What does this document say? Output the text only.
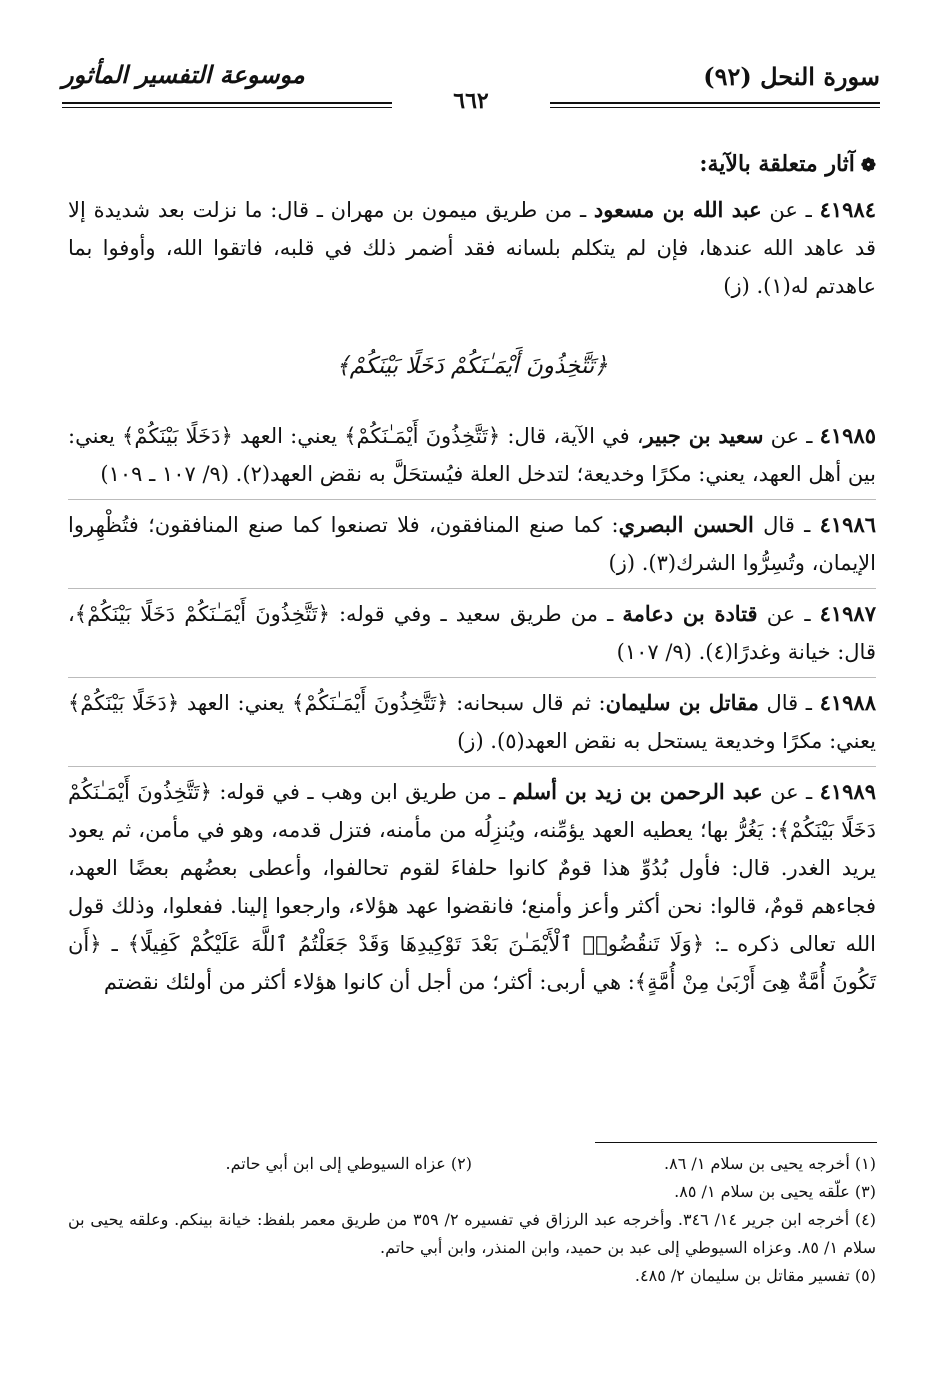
سورة النحل (٩٢)
موسوعة التفسير المأثور
٦٦٢
❁آثار متعلقة بالآية:

٤١٩٨٤ ـ عن عبد الله بن مسعود ـ من طريق ميمون بن مهران ـ قال: ما نزلت بعد شديدة إلا قد عاهد الله عندها، فإن لم يتكلم بلسانه فقد أضمر ذلك في قلبه، فاتقوا الله، وأوفوا بما عاهدتم له(١). (ز)

﴿تَتَّخِذُونَ أَيْمَـٰنَكُمْ دَخَلًا بَيْنَكُمْ﴾

٤١٩٨٥ ـ عن سعيد بن جبير، في الآية، قال: ﴿تَتَّخِذُونَ أَيْمَـٰنَكُمْ﴾ يعني: العهد ﴿دَخَلًا بَيْنَكُمْ﴾ يعني: بين أهل العهد، يعني: مكرًا وخديعة؛ لتدخل العلة فيُستحَلَّ به نقض العهد(٢). (٩/ ١٠٧ ـ ١٠٩)

٤١٩٨٦ ـ قال الحسن البصري: كما صنع المنافقون، فلا تصنعوا كما صنع المنافقون؛ فتُظْهِروا الإيمان، وتُسِرُّوا الشرك(٣). (ز)

٤١٩٨٧ ـ عن قتادة بن دعامة ـ من طريق سعيد ـ وفي قوله: ﴿تَتَّخِذُونَ أَيْمَـٰنَكُمْ دَخَلًا بَيْنَكُمْ﴾، قال: خيانة وغدرًا(٤). (٩/ ١٠٧)

٤١٩٨٨ ـ قال مقاتل بن سليمان: ثم قال سبحانه: ﴿تَتَّخِذُونَ أَيْمَـٰنَكُمْ﴾ يعني: العهد ﴿دَخَلًا بَيْنَكُمْ﴾ يعني: مكرًا وخديعة يستحل به نقض العهد(٥). (ز)

٤١٩٨٩ ـ عن عبد الرحمن بن زيد بن أسلم ـ من طريق ابن وهب ـ في قوله: ﴿تَتَّخِذُونَ أَيْمَـٰنَكُمْ دَخَلًا بَيْنَكُمْ﴾: يَغُرُّ بها؛ يعطيه العهد يؤمِّنه، ويُنزِلُه من مأمنه، فتزل قدمه، وهو في مأمن، ثم يعود يريد الغدر. قال: فأول بُدُوِّ هذا قومٌ كانوا حلفاءَ لقوم تحالفوا، وأعطى بعضُهم بعضًا العهد، فجاءهم قومٌ، قالوا: نحن أكثر وأعز وأمنع؛ فانقضوا عهد هؤلاء، وارجعوا إلينا. ففعلوا، وذلك قول الله تعالى ذكره ـ: ﴿وَلَا تَنقُضُوا۟ ٱلْأَيْمَـٰنَ بَعْدَ تَوْكِيدِهَا وَقَدْ جَعَلْتُمُ ٱللَّهَ عَلَيْكُمْ كَفِيلًا﴾ ـ ﴿أَن تَكُونَ أُمَّةٌ هِىَ أَرْبَىٰ مِنْ أُمَّةٍ﴾: هي أربى: أكثر؛ من أجل أن كانوا هؤلاء أكثر من أولئك نقضتم

(١) أخرجه يحيى بن سلام ١/ ٨٦.
(٢) عزاه السيوطي إلى ابن أبي حاتم.

(٣) علّقه يحيى بن سلام ١/ ٨٥.

(٤) أخرجه ابن جرير ١٤/ ٣٤٦. وأخرجه عبد الرزاق في تفسيره ٢/ ٣٥٩ من طريق معمر بلفظ: خيانة بينكم. وعلقه يحيى بن سلام ١/ ٨٥. وعزاه السيوطي إلى عبد بن حميد، وابن المنذر، وابن أبي حاتم.

(٥) تفسير مقاتل بن سليمان ٢/ ٤٨٥.
